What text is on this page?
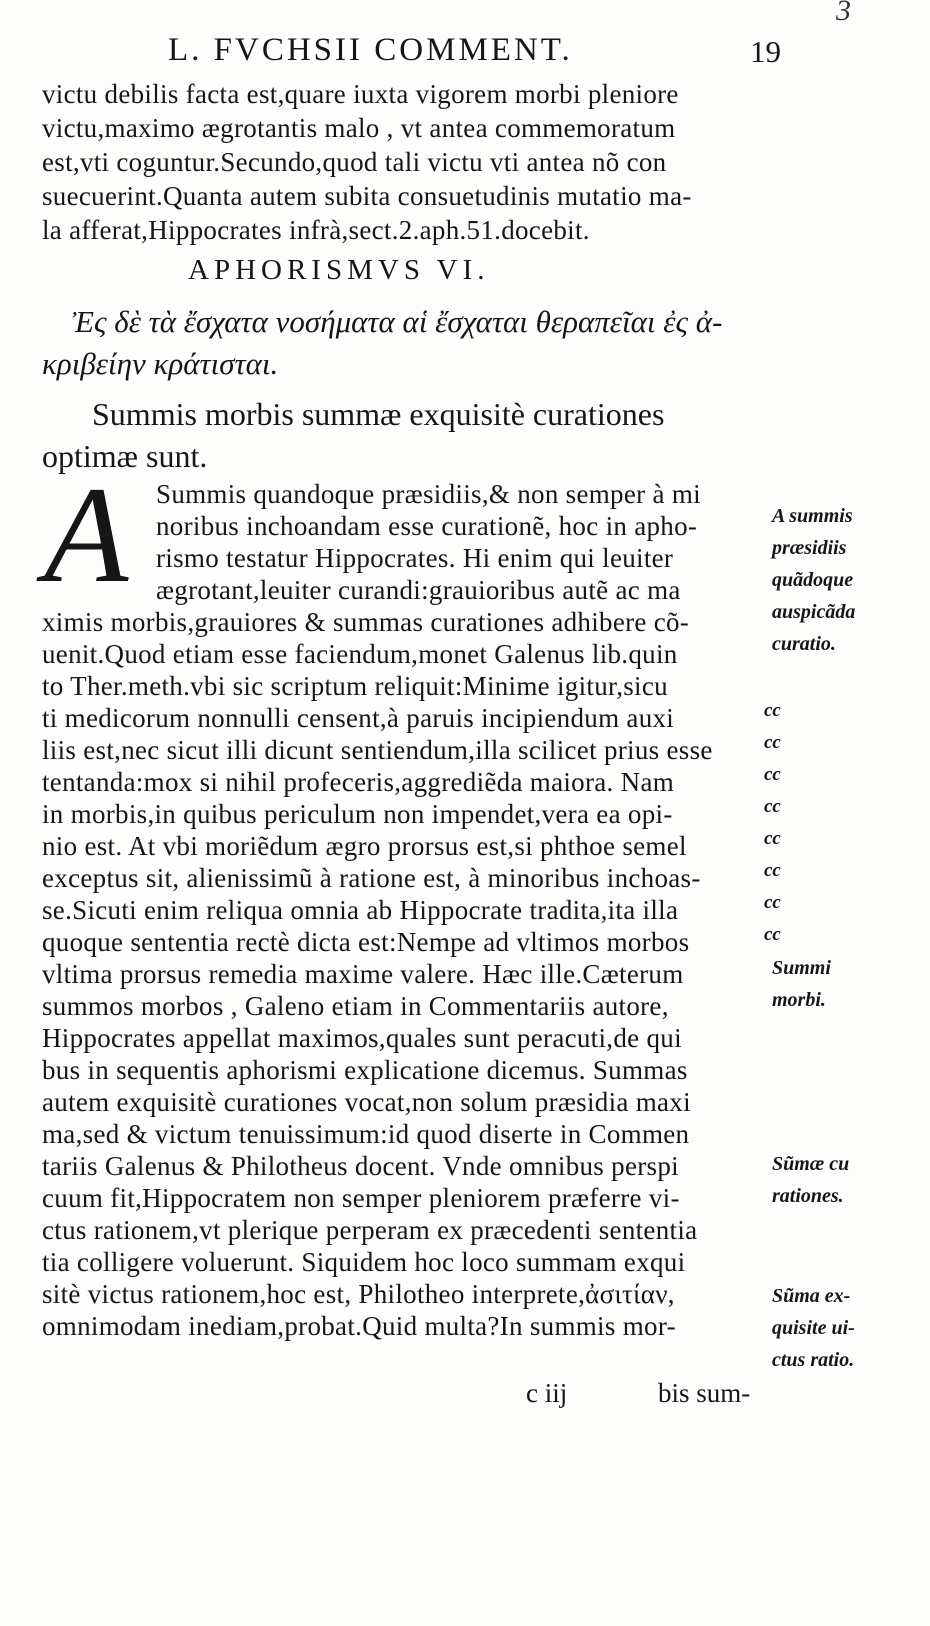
3
L. FVCHSII COMMENT.	19
victu debilis facta est,quare iuxta vigorem morbi pleniore
victu,maximo ægrotantis malo , vt antea commemoratum
est,vti coguntur.Secundo,quod tali victu vti antea nõ con
suecuerint.Quanta autem subita consuetudinis mutatio ma-
la afferat,Hippocrates infrà,sect.2.aph.51.docebit.
APHORISMVS VI.
Ἐς δὲ τὰ ἔσχατα νοσήματα αἱ ἔσχαται θεραπεῖαι ἐς ἀ-
κριβείην κράτισται.
Summis morbis summæ exquisitè curationes
optimæ sunt.
A Summis quandoque præsidiis,& non semper à mi
noribus inchoandam esse curationẽ, hoc in apho-
rismo testatur Hippocrates. Hi enim qui leuiter
ægrotant,leuiter curandi:grauioribus autẽ ac ma
ximis morbis,grauiores & summas curationes adhibere cõ-
uenit.Quod etiam esse faciendum,monet Galenus lib.quin
to Ther.meth.vbi sic scriptum reliquit:Minime igitur,sicu
ti medicorum nonnulli censent,à paruis incipiendum auxi
liis est,nec sicut illi dicunt sentiendum,illa scilicet prius esse
tentanda:mox si nihil profeceris,aggrediẽda maiora. Nam
in morbis,in quibus periculum non impendet,vera ea opi-
nio est. At vbi moriẽdum ægro prorsus est,si phthoe semel
exceptus sit, alienissimũ à ratione est, à minoribus inchoas-
se.Sicuti enim reliqua omnia ab Hippocrate tradita,ita illa
quoque sententia rectè dicta est:Nempe ad vltimos morbos
vltima prorsus remedia maxime valere. Hæc ille.Cæterum
summos morbos , Galeno etiam in Commentariis autore,
Hippocrates appellat maximos,quales sunt peracuti,de qui
bus in sequentis aphorismi explicatione dicemus. Summas
autem exquisitè curationes vocat,non solum præsidia maxi
ma,sed & victum tenuissimum:id quod diserte in Commen
tariis Galenus & Philotheus docent. Vnde omnibus perspi
cuum fit,Hippocratem non semper pleniorem præferre vi-
ctus rationem,vt plerique perperam ex præcedenti sententia
tia colligere voluerunt. Siquidem hoc loco summam exqui
sitè victus rationem,hoc est, Philotheo interprete,ἀσιτίαν,
omnimodam inediam,probat.Quid multa?In summis mor-
A summis
præsidiis
quãdoque
auspicãda
curatio.
cc
cc
cc
cc
cc
cc
cc
cc
Summi
morbi.
Sũmæ cu
rationes.
Sũma ex-
quisite ui-
ctus ratio.
c iij	bis sum-
